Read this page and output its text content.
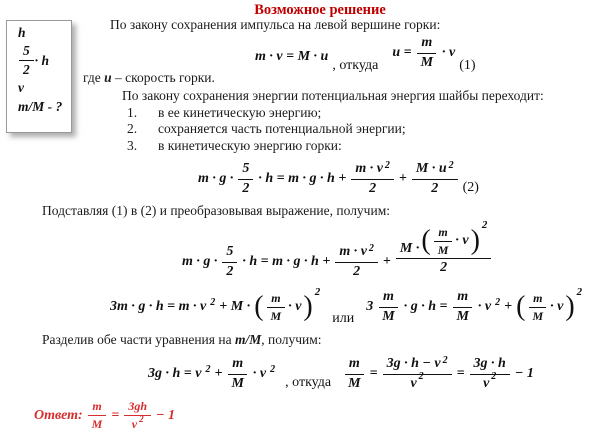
Возможное решение
h
$\frac{5}{2} \cdot h$
v
m/M - ?
По закону сохранения импульса на левой вершине горки:
m · v = M · u
, откуда
$u = \frac{m}{M} \cdot v$
(1)
где u – скорость горки.
По закону сохранения энергии потенциальная энергия шайбы переходит:
1.	в ее кинетическую энергию;
2.	сохраняется часть потенциальной энергии;
3.	в кинетическую энергию горки:
$m \cdot g \cdot \frac{5}{2} \cdot h = m \cdot g \cdot h + \frac{m \cdot v 2}{2} + \frac{M \cdot u 2}{2} (2)$
Подставляя (1) в (2) и преобразовывая выражение, получим:
$m \cdot g \cdot \frac{5}{2} \cdot h = m \cdot g \cdot h + \frac{m \cdot v 2}{2}$ +
M · ( $\frac{m}{M} \cdot v$ ) 2
2
3m · g · h = m · v 2 + M · ( $\frac{m}{M} \cdot v$ ) 2
или
$3 \frac{m}{M} \cdot g \cdot h = \frac{m}{M} \cdot v$ 2 + ( $\frac{m}{M} \cdot v$ ) 2
Разделив обе части уравнения на m/M, получим:
3g · h = v $2 + \frac{m}{M} \cdot v$ 2
, откуда $\frac{m}{M} = \frac{3g \cdot h - v 2}{v 2} = \frac{3g \cdot h}{v 2} - 1$
Ответ: $\frac{m}{M} = \frac{3gh}{v 2} - 1$
